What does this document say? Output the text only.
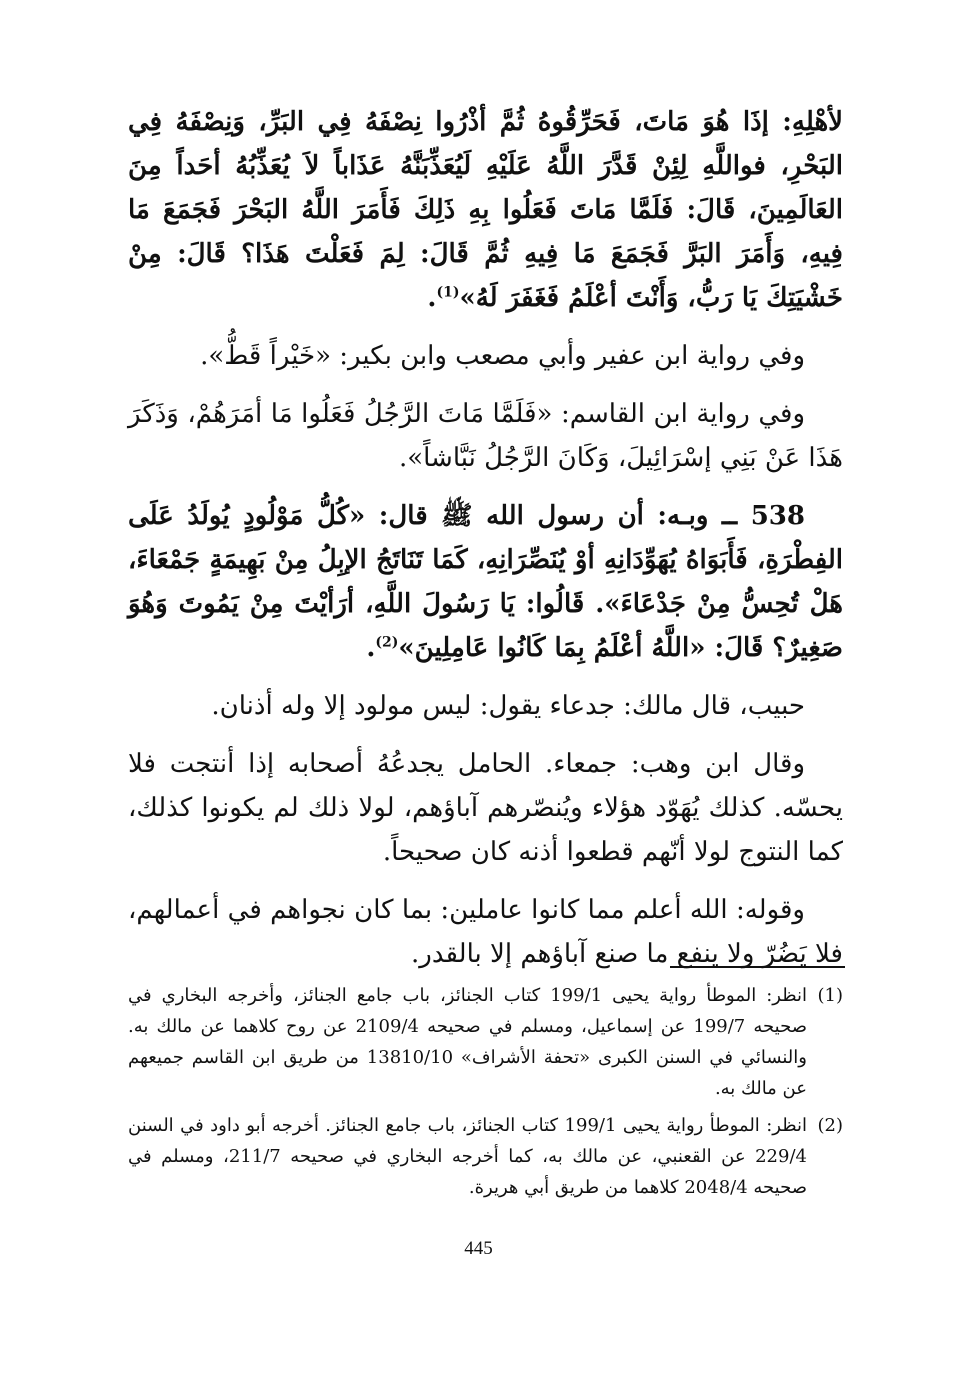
لأهْلِهِ: إذَا هُوَ مَاتَ، فَحَرِّقُوهُ ثُمَّ أذْرُوا نِصْفَهُ فِي البَرِّ، وَنِصْفَهُ فِي البَحْرِ، فواللَّهِ لِئِنْ قَدَّرَ اللَّهُ عَلَيْهِ لَيُعَذِّبَنَّهُ عَذَاباً لاَ يُعَذِّبُهُ أحَداً مِنَ العَالَمِينَ، قَالَ: فَلَمَّا مَاتَ فَعَلُوا بِهِ ذَلِكَ فَأَمَرَ اللَّهُ البَحْرَ فَجَمَعَ مَا فِيهِ، وَأَمَرَ البَرَّ فَجَمَعَ مَا فِيهِ ثُمَّ قَالَ: لِمَ فَعَلْتَ هَذَا؟ قَالَ: مِنْ خَشْيَتِكَ يَا رَبُّ، وَأَنْتَ أعْلَمُ فَغَفَرَ لَهُ»$^{(1)}$.

وفي رواية ابن عفير وأبي مصعب وابن بكير: «خَيْراً قَطُّ».

وفي رواية ابن القاسم: «فَلَمَّا مَاتَ الرَّجُلُ فَعَلُوا مَا أمَرَهُمْ، وَذَكَرَ هَذَا عَنْ بَنِي إسْرَائِيلَ، وَكَانَ الرَّجُلُ نَبَّاشاً».

538 ــ وبـه: أن رسول الله ﷺ قال: «كُلُّ مَوْلُودٍ يُولَدُ عَلَى الفِطْرَةِ، فَأَبَوَاهُ يُهَوِّدَانِهِ أوْ يُنَصِّرَانِهِ، كَمَا تَنَاتَجُ الإبِلُ مِنْ بَهِيمَةٍ جَمْعَاءَ، هَلْ تُحِسُّ مِنْ جَدْعَاءَ». قَالُوا: يَا رَسُولَ اللَّهِ، أرَأيْتَ مِنْ يَمُوتَ وَهُوَ صَغِيرٌ؟ قَالَ: «اللَّهُ أعْلَمُ بِمَا كَانُوا عَامِلِينَ»$^{(2)}$.

حبيب، قال مالك: جدعاء يقول: ليس مولود إلا وله أذنان.

وقال ابن وهب: جمعاء. الحامل يجدعُهُ أصحابه إذا أنتجت فلا يحسّه. كذلك يُهَوّد هؤلاء ويُنصّرهم آباؤهم، لولا ذلك لم يكونوا كذلك، كما النتوج لولا أنّهم قطعوا أذنه كان صحيحاً.

وقوله: الله أعلم مما كانوا عاملين: بما كان نجواهم في أعمالهم، فلا يَضُرّ ولا ينفع ما صنع آباؤهم إلا بالقدر.

(1)
انظر: الموطأ رواية يحيى 199/1 كتاب الجنائز، باب جامع الجنائز، وأخرجه البخاري في صحيحه 199/7 عن إسماعيل، ومسلم في صحيحه 2109/4 عن روح كلاهما عن مالك به. والنسائي في السنن الكبرى «تحفة الأشراف» 13810/10 من طريق ابن القاسم جميعهم عن مالك به.
(2)
انظر: الموطأ رواية يحيى 199/1 كتاب الجنائز، باب جامع الجنائز. أخرجه أبو داود في السنن 229/4 عن القعنبي، عن مالك به، كما أخرجه البخاري في صحيحه 211/7، ومسلم في صحيحه 2048/4 كلاهما من طريق أبي هريرة.
445
